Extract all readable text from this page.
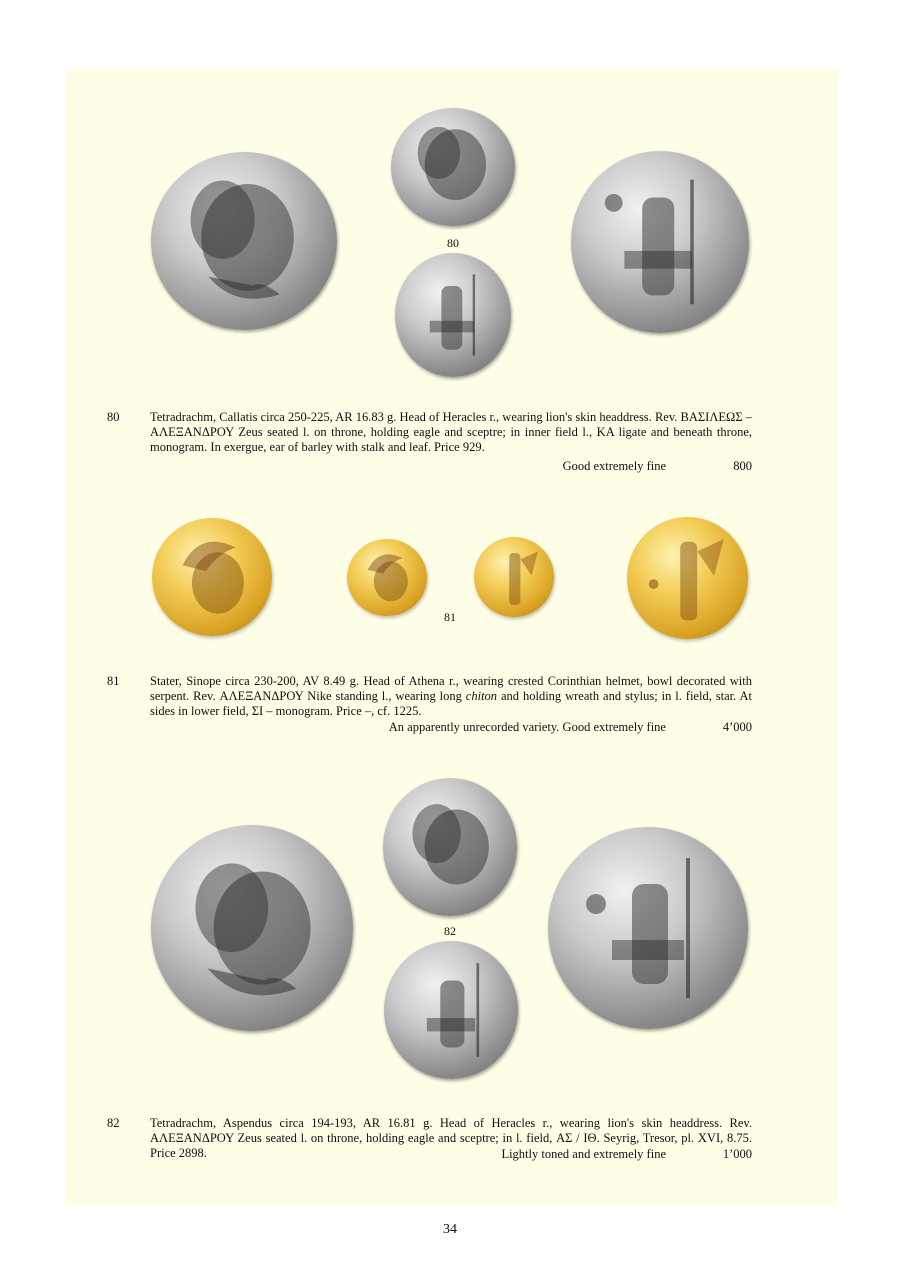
80
80 Tetradrachm, Callatis circa 250-225, AR 16.83 g. Head of Heracles r., wearing lion's skin headdress. Rev. ΒΑΣΙΛΕΩΣ – ΑΛΕΞΑΝΔΡΟΥ Zeus seated l. on throne, holding eagle and sceptre; in inner field l., KA ligate and beneath throne, monogram. In exergue, ear of barley with stalk and leaf. Price 929.
Good extremely fine	800
81
81 Stater, Sinope circa 230-200, AV 8.49 g. Head of Athena r., wearing crested Corinthian helmet, bowl decorated with serpent. Rev. ΑΛΕΞΑΝΔΡΟΥ Nike standing l., wearing long chiton and holding wreath and stylus; in l. field, star. At sides in lower field, ΣΙ – monogram. Price –, cf. 1225.
An apparently unrecorded variety. Good extremely fine	4’000
82
82 Tetradrachm, Aspendus circa 194-193, AR 16.81 g. Head of Heracles r., wearing lion's skin headdress. Rev. ΑΛΕΞΑΝΔΡΟΥ Zeus seated l. on throne, holding eagle and sceptre; in l. field, ΑΣ / ΙΘ. Seyrig, Tresor, pl. XVI, 8.75. Price 2898.	Lightly toned and extremely fine	1’000
34
